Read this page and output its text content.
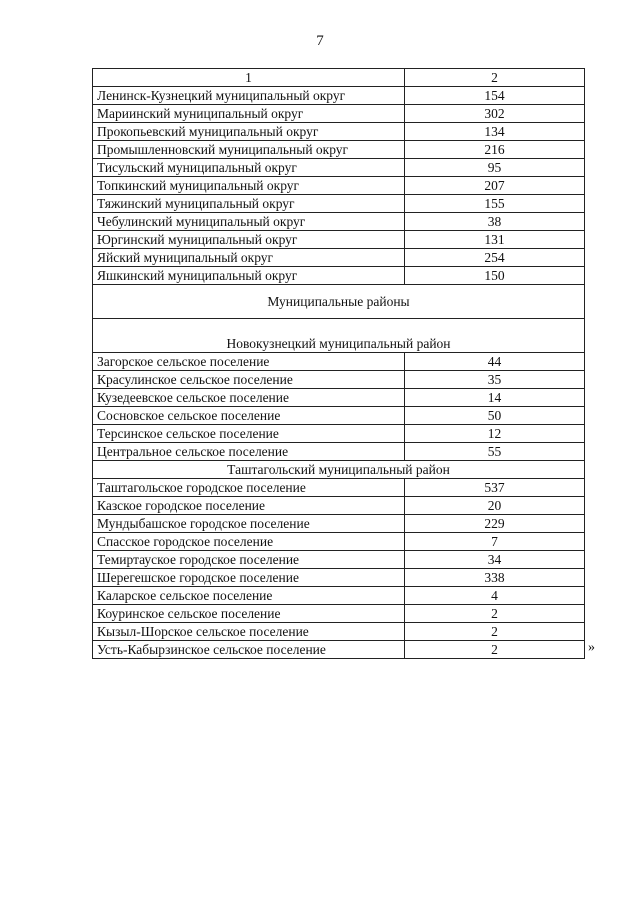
7
1	2
Ленинск-Кузнецкий муниципальный округ	154
Мариинский муниципальный округ	302
Прокопьевский муниципальный округ	134
Промышленновский муниципальный округ	216
Тисульский муниципальный округ	95
Топкинский муниципальный округ	207
Тяжинский муниципальный округ	155
Чебулинский муниципальный округ	38
Юргинский муниципальный округ	131
Яйский муниципальный округ	254
Яшкинский муниципальный округ	150
Муниципальные районы	
Новокузнецкий муниципальный район	
Загорское сельское поселение	44
Красулинское сельское поселение	35
Кузедеевское сельское поселение	14
Сосновское сельское поселение	50
Терсинское сельское поселение	12
Центральное сельское поселение	55
Таштагольский муниципальный район	
Таштагольское городское поселение	537
Казское городское поселение	20
Мундыбашское городское поселение	229
Спасское городское поселение	7
Темиртауское городское поселение	34
Шерегешское городское поселение	338
Каларское сельское поселение	4
Коуринское сельское поселение	2
Кызыл-Шорское сельское поселение	2
Усть-Кабырзинское сельское поселение	2	»
